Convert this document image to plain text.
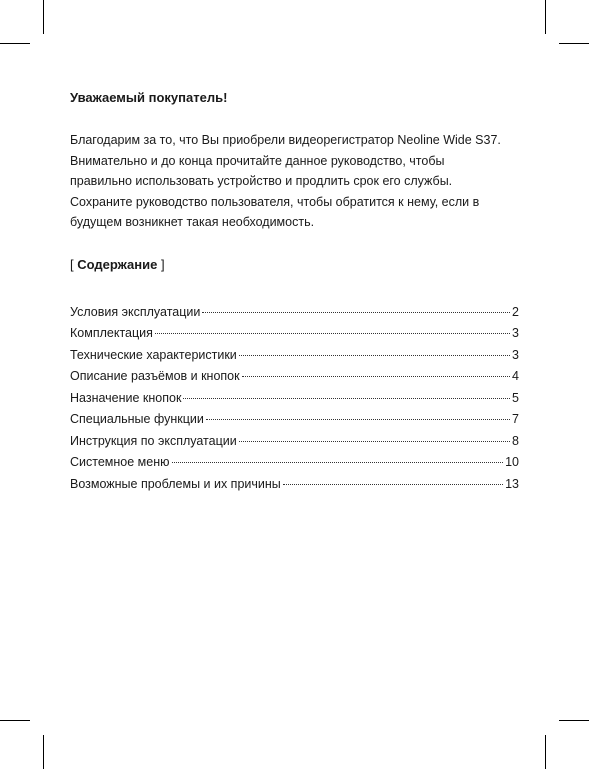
Уважаемый покупатель!

Благодарим за то, что Вы приобрели видеорегистратор Neoline Wide S37.
Внимательно и до конца прочитайте данное руководство, чтобы
правильно использовать устройство и продлить срок его службы.
Сохраните руководство пользователя, чтобы обратится к нему, если в
будущем возникнет такая необходимость.

[ Содержание ]

Условия эксплуатации	2
Комплектация	3
Технические характеристики	3
Описание разъёмов и кнопок	4
Назначение кнопок	5
Специальные функции	7
Инструкция по эксплуатации	8
Системное меню	10
Возможные проблемы и их причины	13
